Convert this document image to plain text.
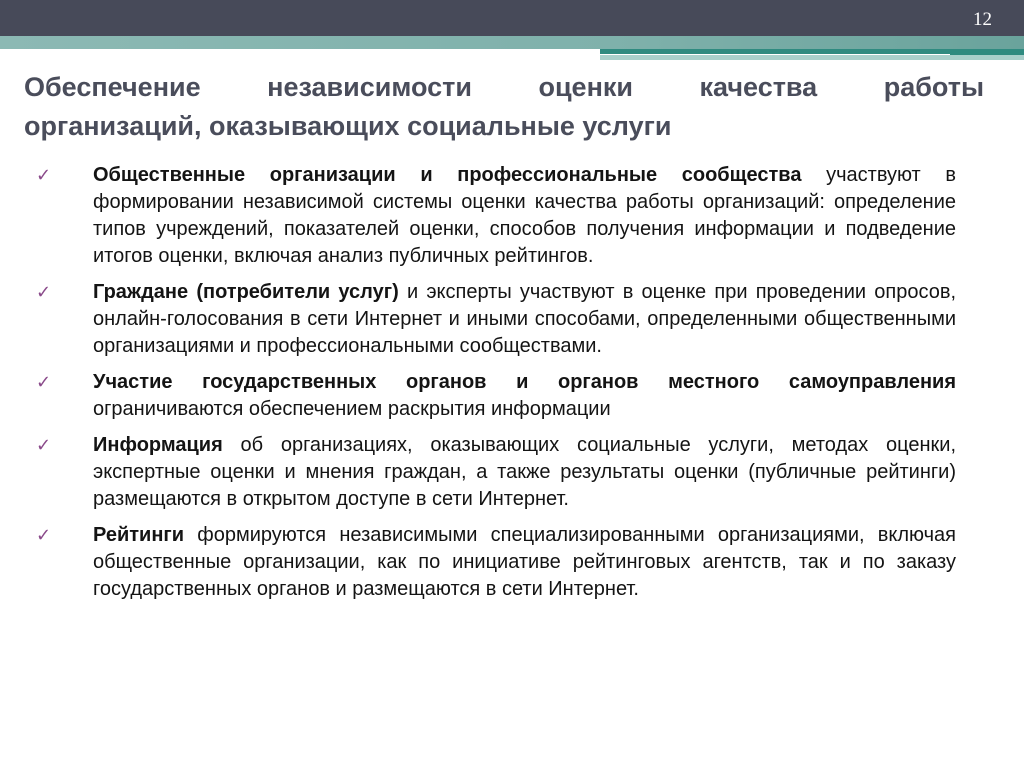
12
Обеспечение независимости оценки качества работы
организаций, оказывающих социальные услуги
✓ Общественные организации и профессиональные сообщества участвуют в формировании независимой системы оценки качества работы организаций: определение типов учреждений, показателей оценки, способов получения информации и подведение итогов оценки, включая анализ публичных рейтингов.
✓ Граждане (потребители услуг) и эксперты участвуют в оценке при проведении опросов, онлайн-голосования в сети Интернет и иными способами, определенными общественными организациями и профессиональными сообществами.
✓ Участие государственных органов и органов местного самоуправления ограничиваются обеспечением раскрытия информации
✓ Информация об организациях, оказывающих социальные услуги, методах оценки, экспертные оценки и мнения граждан, а также результаты оценки (публичные рейтинги) размещаются в открытом доступе в сети Интернет.
✓ Рейтинги формируются независимыми специализированными организациями, включая общественные организации, как по инициативе рейтинговых агентств, так и по заказу государственных органов и размещаются в сети Интернет.
